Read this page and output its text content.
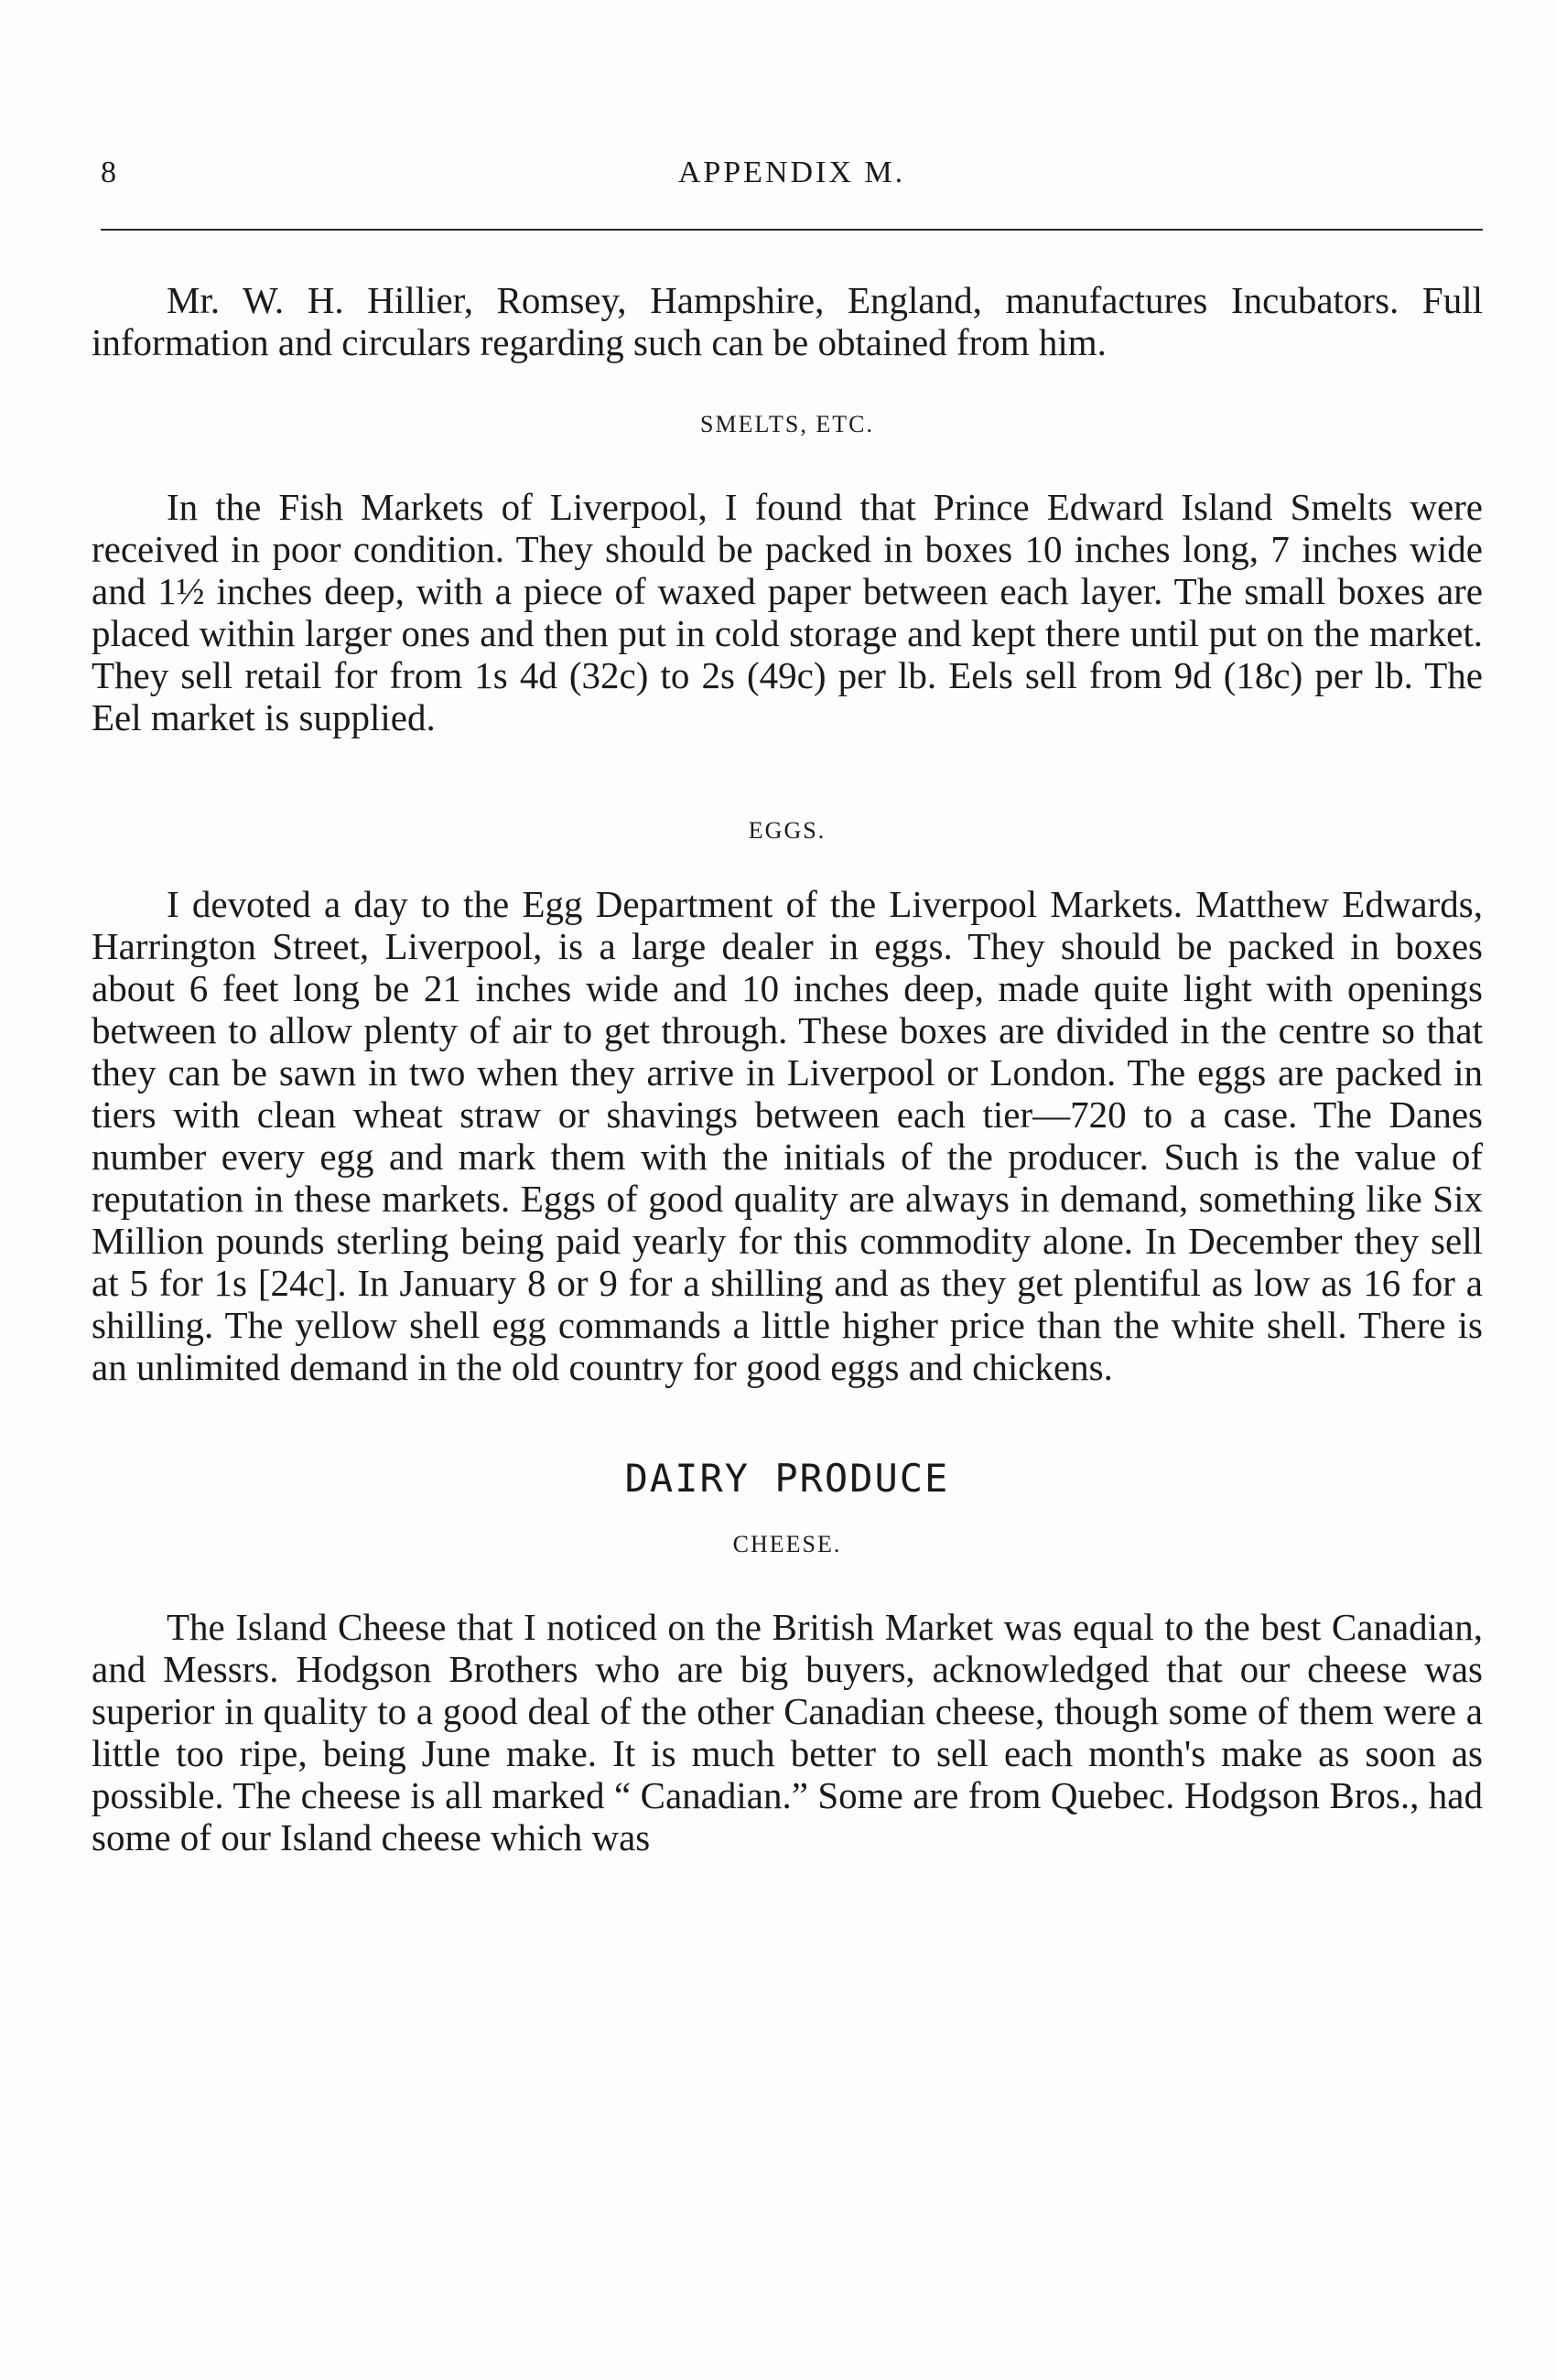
8	APPENDIX M.

Mr. W. H. Hillier, Romsey, Hampshire, England, manufactures Incubators. Full information and circulars regarding such can be obtained from him.

SMELTS, ETC.

In the Fish Markets of Liverpool, I found that Prince Edward Island Smelts were received in poor condition. They should be packed in boxes 10 inches long, 7 inches wide and 1½ inches deep, with a piece of waxed paper between each layer. The small boxes are placed within larger ones and then put in cold storage and kept there until put on the market. They sell retail for from 1s 4d (32c) to 2s (49c) per lb. Eels sell from 9d (18c) per lb. The Eel market is supplied.

EGGS.

I devoted a day to the Egg Department of the Liverpool Markets. Matthew Edwards, Harrington Street, Liverpool, is a large dealer in eggs. They should be packed in boxes about 6 feet long be 21 inches wide and 10 inches deep, made quite light with openings between to allow plenty of air to get through. These boxes are divided in the centre so that they can be sawn in two when they arrive in Liverpool or London. The eggs are packed in tiers with clean wheat straw or shavings between each tier—720 to a case. The Danes number every egg and mark them with the initials of the producer. Such is the value of reputation in these markets. Eggs of good quality are always in demand, something like Six Million pounds sterling being paid yearly for this commodity alone. In December they sell at 5 for 1s [24c]. In January 8 or 9 for a shilling and as they get plentiful as low as 16 for a shilling. The yellow shell egg commands a little higher price than the white shell. There is an unlimited demand in the old country for good eggs and chickens.

DAIRY PRODUCE
CHEESE.

The Island Cheese that I noticed on the British Market was equal to the best Canadian, and Messrs. Hodgson Brothers who are big buyers, acknowledged that our cheese was superior in quality to a good deal of the other Canadian cheese, though some of them were a little too ripe, being June make. It is much better to sell each month's make as soon as possible. The cheese is all marked “ Canadian.” Some are from Quebec. Hodgson Bros., had some of our Island cheese which was
